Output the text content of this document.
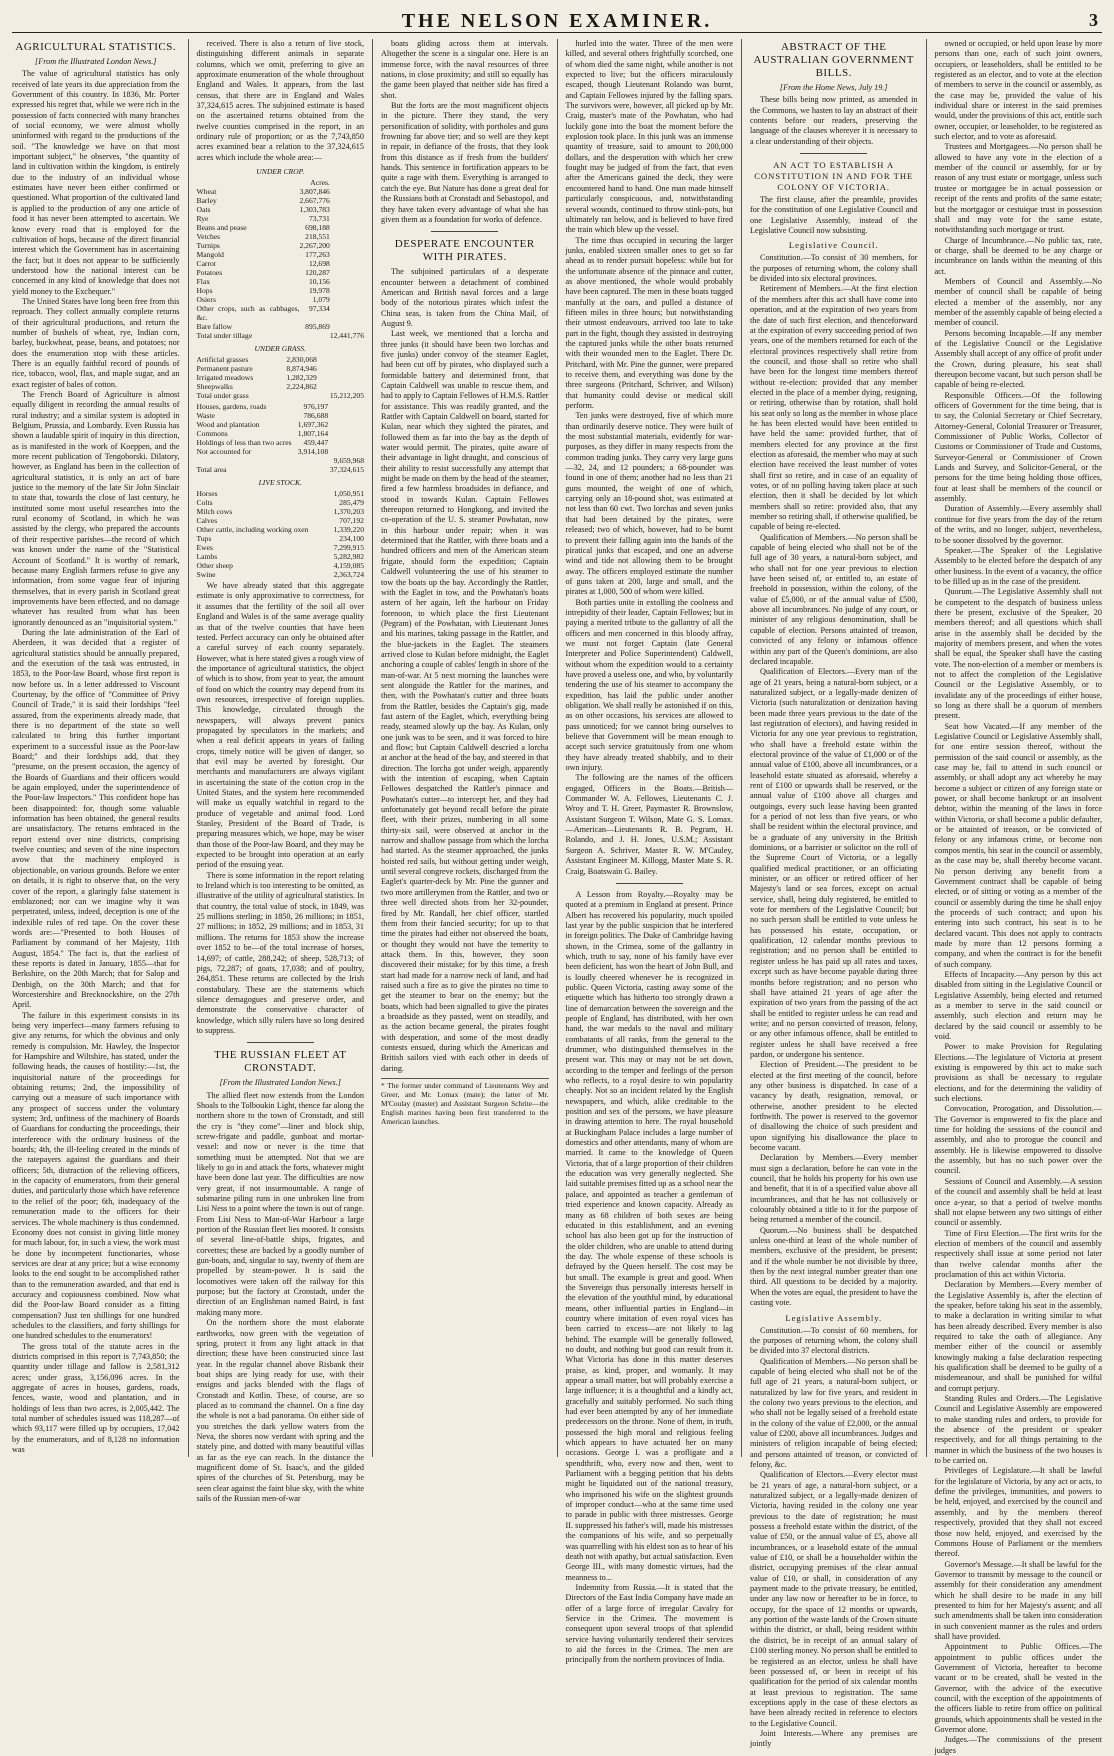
THE NELSON EXAMINER.	3
AGRICULTURAL STATISTICS.
[From the Illustrated London News.]

The value of agricultural statistics has only received of late years its due appreciation from the Government of this country. In 1836, Mr. Porter expressed his regret that, while we were rich in the possession of facts connected with many branches of social economy, we were almost wholly uninformed with regard to the productions of the soil. "The knowledge we have on that most important subject," he observes, "the quantity of land in cultivation within the kingdom, is entirely due to the industry of an individual whose estimates have never been either confirmed or questioned. What proportion of the cultivated land is applied to the production of any one article of food it has never been attempted to ascertain. We know every road that is employed for the cultivation of hops, because of the direct financial interest which the Government has in ascertaining the fact; but it does not appear to be sufficiently understood how the national interest can be concerned in any kind of knowledge that does not yield money to the Exchequer."

The United States have long been free from this reproach. They collect annually complete returns of their agricultural productions, and return the number of bushels of wheat, rye, Indian corn, barley, buckwheat, pease, beans, and potatoes; nor does the enumeration stop with these articles. There is an equally faithful record of pounds of rice, tobacco, wool, flax, and maple sugar, and an exact register of bales of cotton.

The French Board of Agriculture is almost equally diligent in recording the annual results of rural industry; and a similar system is adopted in Belgium, Prussia, and Lombardy. Even Russia has shown a laudable spirit of inquiry in this direction, as is manifested in the work of Koeppen, and the more recent publication of Tengoborski. Dilatory, however, as England has been in the collection of agricultural statistics, it is only an act of bare justice to the memory of the late Sir John Sinclair to state that, towards the close of last century, he instituted some most useful researches into the rural economy of Scotland, in which he was assisted by the clergy, who prepared the accounts of their respective parishes—the record of which was known under the name of the "Statistical Account of Scotland." It is worthy of remark, because many English farmers refuse to give any information, from some vague fear of injuring themselves, that in every parish in Scotland great improvements have been effected, and no damage whatever has resulted from what has been ignorantly denounced as an "inquisitorial system."

During the late administration of the Earl of Aberdeen, it was decided that a register of agricultural statistics should be annually prepared, and the execution of the task was entrusted, in 1853, to the Poor-law Board, whose first report is now before us. In a letter addressed to Viscount Courtenay, by the office of "Committee of Privy Council of Trade," it is said their lordships "feel assured, from the experiments already made, that there is no department of the state so well calculated to bring this further important experiment to a successful issue as the Poor-law Board;" and their lordships add, that they "presume, on the present occasion, the agency of the Boards of Guardians and their officers would be again employed, under the superintendence of the Poor-law Inspectors." This confident hope has been disappointed: for, though some valuable information has been obtained, the general results are unsatisfactory. The returns embraced in the report extend over nine districts, comprising twelve counties; and seven of the nine inspectors avow that the machinery employed is objectionable, on various grounds. Before we enter on details, it is right to observe that, on the very cover of the report, a glaringly false statement is emblazoned; nor can we imagine why it was perpetrated, unless, indeed, deception is one of the indexible rules of red tape. On the cover these words are:—"Presented to both Houses of Parliament by command of her Majesty, 11th August, 1854." The fact is, that the earliest of these reports is dated in January, 1855—that for Berkshire, on the 20th March; that for Salop and Denbigh, on the 30th March; and that for Worcestershire and Brecknockshire, on the 27th April.

The failure in this experiment consists in its being very imperfect—many farmers refusing to give any returns, for which the obvious and only remedy is compulsion. Mr. Hawley, the Inspector for Hampshire and Wiltshire, has stated, under the following heads, the causes of hostility:—1st, the inquisitorial nature of the proceedings for obtaining returns; 2nd, the impossibility of carrying out a measure of such importance with any prospect of success under the voluntary system; 3rd, unfitness of the machinery of Boards of Guardians for conducting the proceedings, their interference with the ordinary business of the boards; 4th, the ill-feeling created in the minds of the ratepayers against the guardians and their officers; 5th, distraction of the relieving officers, in the capacity of enumerators, from their general duties, and particularly those which have reference to the relief of the poor; 6th, inadequacy of the remuneration made to the officers for their services. The whole machinery is thus condemned. Economy does not consist in giving little money for much labour, for, in such a view, the work must be done by incompetent functionaries, whose services are dear at any price; but a wise economy looks to the end sought to be accomplished rather than to the remuneration awarded, and that end is accuracy and copiousness combined. Now what did the Poor-law Board consider as a fitting compensation? Just ten shillings for one hundred schedules to the classifiers, and forty shillings for one hundred schedules to the enumerators!

The gross total of the statute acres in the districts comprised in this report is 7,743,850; the quantity under tillage and fallow is 2,581,312 acres; under grass, 3,156,096 acres. In the aggregate of acres in houses, gardens, roads, fences, waste, wood and plantation, and in holdings of less than two acres, is 2,005,442. The total number of schedules issued was 118,287—of which 93,117 were filled up by occupiers, 17,042 by the enumerators, and of 8,128 no information was

received. There is also a return of live stock, distinguishing different animals in separate columns, which we omit, preferring to give an approximate enumeration of the whole throughout England and Wales. It appears, from the last census, that there are in England and Wales 37,324,615 acres. The subjoined estimate is based on the ascertained returns obtained from the twelve counties comprised in the report, in an ordinary rule of proportion; or as the 7,743,850 acres examined bear a relation to the 37,324,615 acres which include the whole area:—

UNDER CROP.		
	Acres.	
Wheat	3,807,846	
Barley	2,667,776	
Oats	1,303,783	
Rye	73,731	
Beans and pease	698,188	
Vetches	218,551	
Turnips	2,267,200	
Mangold	177,263	
Carrot	12,698	
Potatoes	120,287	
Flax	10,156	
Hops	19,978	
Osiers	1,079	
Other crops, such as cabbages, &c.	97,334	
Bare fallow	895,869	
Total under tillage		12,441,776
UNDER GRASS.		
Artificial grasses	2,830,068	
Permanent pasture	8,874,946	
Irrigated meadows	1,282,329	
Sheepwalks	2,224,862	
Total under grass		15,212,205
Houses, gardens, roads	976,197	
Waste	786,688	
Wood and plantation	1,697,362	
Commons	1,807,164	
Holdings of less than two acres	459,447	
Not accounted for	3,914,108	
		9,659,968
Total area		37,324,615
LIVE STOCK.		
Horses	1,050,951	
Colts	285,479	
Milch cows	1,370,203	
Calves	707,192	
Other cattle, including working oxen	1,339,220	
Tups	234,100	
Ewes	7,299,915	
Lambs	5,282,982	
Other sheep	4,159,085	
Swine	2,363,724	

We have already stated that this aggregate estimate is only approximative to correctness, for it assumes that the fertility of the soil all over England and Wales is of the same average quality as that of the twelve counties that have been tested. Perfect accuracy can only be obtained after a careful survey of each county separately. However, what is here stated gives a rough view of the importance of agricultural statistics, the object of which is to show, from year to year, the amount of food on which the country may depend from its own resources, irrespective of foreign supplies. This knowledge, circulated through the newspapers, will always prevent panics propagated by speculators in the markets; and when a real deficit appears in years of failing crops, timely notice will be given of danger, so that evil may be averted by foresight. Our merchants and manufacturers are always vigilant in ascertaining the state of the cotton crop in the United States, and the system here recommended will make us equally watchful in regard to the produce of vegetable and animal food. Lord Stanley, President of the Board of Trade, is preparing measures which, we hope, may be wiser than those of the Poor-law Board, and they may be expected to be brought into operation at an early period of the ensuing year.

There is some information in the report relating to Ireland which is too interesting to be omitted, as illustrative of the utility of agricultural statistics. In that country, the total value of stock, in 1849, was 25 millions sterling; in 1850, 26 millions; in 1851, 27 millions; in 1852, 29 millions; and in 1853, 31 millions. The returns for 1853 show the increase over 1852 to be—of the total increase of horses, 14,697; of cattle, 288,242; of sheep, 528,713; of pigs, 72,287; of goats, 17,038; and of poultry, 264,851. These returns are collected by the Irish constabulary. These are the statements which silence demagogues and preserve order, and demonstrate the conservative character of knowledge, which silly rulers have so long desired to suppress.

THE RUSSIAN FLEET AT CRONSTADT.
[From the Illustrated London News.]

The allied fleet now extends from the London Shoals to the Tolboukin Light, thence far along the northern shore to the town of Cronstadt, and still the cry is "they come"—liner and block ship, screw-frigate and paddle, gunboat and mortar-vessel: and now or never is the time that something must be attempted. Not that we are likely to go in and attack the forts, whatever might have been done last year. The difficulties are now very great, if not insurmountable. A range of submarine piling runs in one unbroken line from Lisi Ness to a point where the town is out of range. From Lisi Ness to Man-of-War Harbour a large portion of the Russian fleet lies moored. It consists of several line-of-battle ships, frigates, and corvettes; these are backed by a goodly number of gun-boats, and, singular to say, twenty of them are propelled by steam-power. It is said the locomotives were taken off the railway for this purpose; but the factory at Cronstadt, under the direction of an Englishman named Baird, is fast making many more.

On the northern shore the most elaborate earthworks, now green with the vegetation of spring, protect it from any light attack in that direction; these have been constructed since last year. In the regular channel above Risbank their boat ships are lying ready for use, with their ensigns and jacks blended with the flags of Cronstadt and Kotlin. These, of course, are so placed as to command the channel. On a fine day the whole is not a bad panorama. On either side of you stretches the dark yellow waters from the Neva, the shores now verdant with spring and the stately pine, and dotted with many beautiful villas as far as the eye can reach. In the distance the magnificent dome of St. Isaac's, and the gilded spires of the churches of St. Petersburg, may be seen clear against the faint blue sky, with the white sails of the Russian men-of-war

boats gliding across them at intervals. Altogether the scene is a singular one. Here is an immense force, with the naval resources of three nations, in close proximity; and still so equally has the game been played that neither side has fired a shot.

But the forts are the most magnificent objects in the picture. There they stand, the very personification of solidity, with portholes and guns frowning far above tier; and so well are they kept in repair, in defiance of the frosts, that they look from this distance as if fresh from the builders' hands. This sentence in fortification appears to be quite a rage with them. Everything is arranged to catch the eye. But Nature has done a great deal for the Russians both at Cronstadt and Sebastopol, and they have taken every advantage of what she has given them as a foundation for works of defence.

DESPERATE ENCOUNTER WITH PIRATES.

The subjoined particulars of a desperate encounter between a detachment of combined American and British naval forces and a large body of the notorious pirates which infest the China seas, is taken from the China Mail, of August 9.

Last week, we mentioned that a lorcha and three junks (it should have been two lorchas and five junks) under convoy of the steamer Eaglet, had been cut off by pirates, who displayed such a formidable battery and determined front, that Captain Caldwell was unable to rescue them, and had to apply to Captain Fellowes of H.M.S. Rattler for assistance. This was readily granted, and the Rattler with Captain Caldwell on board, started for Kulan, near which they sighted the pirates, and followed them as far into the bay as the depth of water would permit. The pirates, quite aware of their advantage in light draught, and conscious of their ability to resist successfully any attempt that might be made on them by the head of the steamer, fired a few harmless broadsides in defiance, and stood in towards Kulan. Captain Fellowes thereupon returned to Hongkong, and invited the co-operation of the U. S. steamer Powhatan, now in this harbour under repair; when it was determined that the Rattler, with three boats and a hundred officers and men of the American steam frigate, should form the expedition; Captain Caldwell volunteering the use of his steamer to tow the boats up the bay. Accordingly the Rattler, with the Eaglet in tow, and the Powhatan's boats astern of her again, left the harbour on Friday forenoon, to which place the first Lieutenant (Pegram) of the Powhatan, with Lieutenant Jones and his marines, taking passage in the Rattler, and the blue-jackets in the Eaglet. The steamers arrived close to Kulan before midnight, the Eaglet anchoring a couple of cables' length in shore of the man-of-war. At 5 next morning the launches were sent alongside the Rattler for the marines, and then, with the Powhatan's cutter and three boats from the Rattler, besides the Captain's gig, made fast astern of the Eaglet, which, everything being ready, steamed slowly up the bay. As Kulan, only one junk was to be seen, and it was forced to hire and flow; but Captain Caldwell descried a lorcha at anchor at the head of the bay, and steered in that direction. The lorcha got under weigh, apparently with the intention of escaping, when Captain Fellowes despatched the Rattler's pinnace and Powhatan's cutter—to intercept her, and they had unfortunately got beyond recall before the pirate fleet, with their prizes, numbering in all some thirty-six sail, were observed at anchor in the narrow and shallow passage from which the lorcha had started. As the steamer approached, the junks hoisted red sails, but without getting under weigh, until several congreve rockets, discharged from the Eaglet's quarter-deck by Mr. Pine the gunner and two more artillerymen from the Rattler, and two or three well directed shots from her 32-pounder, fired by Mr. Randall, her chief officer, startled them from their fancied security; for up to that time the pirates had either not observed the boats, or thought they would not have the temerity to attack them. In this, however, they soon discovered their mistake; for by this time, a fresh start had made for a narrow neck of land, and had raised such a fire as to give the pirates no time to get the steamer to bear on the enemy; but the boats, which had been signalled to give the pirates a broadside as they passed, went on steadily, and as the action became general, the pirates fought with desperation, and some of the most deadly contests ensued, during which the American and British sailors vied with each other in deeds of daring.

* The former under command of Lieutenants Wey and Greer, and Mr. Lomax (mate); the latter of Mr. M'Coulay (master) and Assistant Surgeon Schrite—the English marines having been first transferred to the American launches.

hurled into the water. Three of the men were killed, and several others frightfully scorched, one of whom died the same night, while another is not expected to live; but the officers miraculously escaped, though Lieutenant Rolando was burnt, and Captain Fellowes injured by the falling spars. The survivors were, however, all picked up by Mr. Craig, master's mate of the Powhatan, who had luckily gone into the boat the moment before the explosion took place. In this junk was an immense quantity of treasure, said to amount to 200,000 dollars, and the desperation with which her crew fought may be judged of from the fact, that even after the Americans gained the deck, they were encountered hand to hand. One man made himself particularly conspicuous, and, notwithstanding several wounds, continued to throw stink-pots, but ultimately ran below, and is believed to have fired the train which blew up the vessel.

The time thus occupied in securing the larger junks, enabled sixteen smaller ones to get so far ahead as to render pursuit hopeless: while but for the unfortunate absence of the pinnace and cutter, as above mentioned, the whole would probably have been captured. The men in these boats tugged manfully at the oars, and pulled a distance of fifteen miles in three hours; but notwithstanding their utmost endeavours, arrived too late to take part in the fight, though they assisted in destroying the captured junks while the other boats returned with their wounded men to the Eaglet. There Dr. Pritchard, with Mr. Pine the gunner, were prepared to receive them, and everything was done by the three surgeons (Pritchard, Schriver, and Wilson) that humanity could devise or medical skill perform.

Ten junks were destroyed, five of which more than ordinarily deserve notice. They were built of the most substantial materials, evidently for war-purposes, as they differ in many respects from the common trading junks. They carry very large guns—32, 24, and 12 pounders; a 68-pounder was found in one of them; another had no less than 21 guns mounted, the weight of one of which, carrying only an 18-pound shot, was estimated at not less than 60 cwt. Two lorchas and seven junks that had been detained by the pirates, were released; two of which, however, had to be burnt to prevent their falling again into the hands of the piratical junks that escaped, and one an adverse wind and tide not allowing them to be brought away. The officers employed estimate the number of guns taken at 200, large and small, and the pirates at 1,000, 500 of whom were killed.

Both parties unite in extolling the coolness and intrepidity of their leader, Captain Fellowes; but in paying a merited tribute to the gallantry of all the officers and men concerned in this bloody affray, we must not forget Captain (late General Interpreter and Police Superintendent) Caldwell, without whom the expedition would to a certainty have proved a useless one, and who, by voluntarily tendering the use of his steamer to accompany the expedition, has laid the public under another obligation. We shall really be astonished if on this, as on other occasions, his services are allowed to pass unnoticed; for we cannot bring ourselves to believe that Government will be mean enough to accept such service gratuitously from one whom they have already treated shabbily, and to their own injury.

The following are the names of the officers engaged, Officers in the Boats.—British—Commander W. A. Fellowes, Lieutenants C. J. Wroy and T. H. Greer, Paymaster R. Brownslow, Assistant Surgeon T. Wilson, Mate G. S. Lomax.—American—Lieutenants R. B. Pegram, H. Rolando, and J. H. Jones, U.S.M.; Assistant Surgeon A. Schriver, Master R. W. M'Cauley, Assistant Engineer M. Killogg, Master Mate S. R. Craig, Boatswain G. Bailey.

A Lesson from Royalty.—Royalty may be quoted at a premium in England at present. Prince Albert has recovered his popularity, much spoiled last year by the public suspicion that he interfered in foreign politics. The Duke of Cambridge having shown, in the Crimea, some of the gallantry in which, truth to say, none of his family have ever been deficient, has won the heart of John Bull, and is loudly cheered whenever he is recognized in public. Queen Victoria, casting away some of the etiquette which has hitherto too strongly drawn a line of demarcation between the sovereign and the people of England, has distributed, with her own hand, the war medals to the naval and military combatants of all ranks, from the general to the drummer, who distinguished themselves in the present war. This may or may not be set down, according to the temper and feelings of the person who reflects, to a royal desire to win popularity cheaply. Not so an incident related by the English newspapers, and which, alike creditable to the position and sex of the persons, we have pleasure in drawing attention to here. The royal household at Buckingham Palace includes a large number of domestics and other attendants, many of whom are married. It came to the knowledge of Queen Victoria, that of a large proportion of their children the education was very generally neglected. She laid suitable premises fitted up as a school near the palace, and appointed as teacher a gentleman of tried experience and known capacity. Already as many as 68 children of both sexes are being educated in this establishment, and an evening school has also been got up for the instruction of the older children, who are unable to attend during the day. The whole expense of these schools is defrayed by the Queen herself. The cost may be but small. The example is great and good. When the Sovereign thus personally interests herself in the elevation of the youthful mind, by educational means, other influential parties in England—in country where imitation of even royal vices has been carried to excess—are not likely to lag behind. The example will be generally followed, no doubt, and nothing but good can result from it. What Victoria has done in this matter deserves praise, as kind, proper, and womanly. It may appear a small matter, but will probably exercise a large influence; it is a thoughtful and a kindly act, gracefully and suitably performed. No such thing had ever been attempted by any of her immediate predecessors on the throne. None of them, in truth, possessed the high moral and religious feeling which appears to have actuated her on many occasions. George I. was a profligate and a spendthrift, who, every now and then, went to Parliament with a begging petition that his debts might be liquidated out of the national treasury, who imprisoned his wife on the slightest grounds of improper conduct—who at the same time used to parade in public with three mistresses. George II. suppressed his father's will, made his mistresses the companions of his wife, and so perpetually was quarrelling with his eldest son as to hear of his death not with apathy, but actual satisfaction. Even George III., with many domestic virtues, had the meanness to...

Indemnity from Russia.—It is stated that the Directors of the East India Company have made an offer of a large force of irregular Cavalry for Service in the Crimea. The movement is consequent upon several troops of that splendid service having voluntarily tendered their services to aid the forces in the Crimea. The men are principally from the northern provinces of India.

ABSTRACT OF THE AUSTRALIAN GOVERNMENT BILLS.
[From the Home News, July 19.]

These bills being now printed, as amended in the Commons, we hasten to lay an abstract of their contents before our readers, preserving the language of the clauses wherever it is necessary to a clear understanding of their objects.

AN ACT TO ESTABLISH A CONSTITUTION IN AND FOR THE COLONY OF VICTORIA.

The first clause, after the preamble, provides for the constitution of one Legislative Council and one Legislative Assembly, instead of the Legislative Council now subsisting.

Legislative Council.

Constitution.—To consist of 30 members, for the purposes of returning whom, the colony shall be divided into six electoral provinces.

Retirement of Members.—At the first election of the members after this act shall have come into operation, and at the expiration of two years from the date of such first election, and thenceforward at the expiration of every succeeding period of two years, one of the members returned for each of the electoral provinces respectively shall retire from the council, and those shall so retire who shall have been for the longest time members thereof without re-election: provided that any member elected in the place of a member dying, resigning, or retiring, otherwise than by rotation, shall hold his seat only so long as the member in whose place he has been elected would have been entitled to have held the same: provided further, that of members elected for any province at the first election as aforesaid, the member who may at such election have received the least number of votes shall first so retire, and in case of an equality of votes, or of no polling having taken place at such election, then it shall be decided by lot which members shall so retire: provided also, that any member so retiring shall, if otherwise qualified, be capable of being re-elected.

Qualification of Members.—No person shall be capable of being elected who shall not be of the full age of 30 years, a natural-born subject, and who shall not for one year previous to election have been seised of, or entitled to, an estate of freehold in possession, within the colony, of the value of £5,000, or of the annual value of £500, above all incumbrances. No judge of any court, or minister of any religious denomination, shall be capable of election. Persons attainted of treason, convicted of any felony or infamous offence within any part of the Queen's dominions, are also declared incapable.

Qualification of Electors.—Every man of the age of 21 years, being a natural-born subject, or a naturalized subject, or a legally-made denizen of Victoria (such naturalization or denization having been made three years previous to the date of the last registration of electors), and having resided in Victoria for any one year previous to registration, who shall have a freehold estate within the electoral province of the value of £1,000 or of the annual value of £100, above all incumbrances, or a leasehold estate situated as aforesaid, whereby a rent of £100 or upwards shall be reserved, or the annual value of £100 above all charges and outgoings, every such lease having been granted for a period of not less than five years, or who shall be resident within the electoral province, and be a graduate of any university in the British dominions, or a barrister or solicitor on the roll of the Supreme Court of Victoria, or a legally qualified medical practitioner, or an officiating minister, or an officer or retired officer of her Majesty's land or sea forces, except on actual service, shall, being duly registered, be entitled to vote for members of the Legislative Council; but no such person shall be entitled to vote unless he has possessed his estate, occupation, or qualification, 12 calendar months previous to registration; and no person shall be entitled to register unless he has paid up all rates and taxes, except such as have become payable during three months before registration; and no person who shall have attained 21 years of age after the expiration of two years from the passing of the act shall be entitled to register unless he can read and write; and no person convicted of treason, felony, or any other infamous offence, shall be entitled to register unless he shall have received a free pardon, or undergone his sentence.

Election of President.—The president to be elected at the first meeting of the council, before any other business is dispatched. In case of a vacancy by death, resignation, removal, or otherwise, another president to be elected forthwith. The power is reserved to the governor of disallowing the choice of such president and upon signifying his disallowance the place to become vacant.

Declaration by Members.—Every member must sign a declaration, before he can vote in the council, that he holds his property for his own use and benefit, that it is of a specified value above all incumbrances, and that he has not collusively or colourably obtained a title to it for the purpose of being returned a member of the council.

Quorum.—No business shall be despatched unless one-third at least of the whole number of members, exclusive of the president, be present; and if the whole number be not divisible by three, then by the next integral number greater than one third. All questions to be decided by a majority. When the votes are equal, the president to have the casting vote.

Legislative Assembly.

Constitution.—To consist of 60 members, for the purposes of returning whom, the colony shall be divided into 37 electoral districts.

Qualification of Members.—No person shall be capable of being elected who shall not be of the full age of 21 years, a natural-born subject, or naturalized by law for five years, and resident in the colony two years previous to the election, and who shall not be legally seised of a freehold estate in the colony of the value of £2,000, or the annual value of £200, above all incumbrances. Judges and ministers of religion incapable of being elected; and persons attainted of treason, or convicted of felony, &c.

Qualification of Electors.—Every elector must be 21 years of age, a natural-born subject, or a naturalized subject, or a legally-made denizen of Victoria, having resided in the colony one year previous to the date of registration; he must possess a freehold estate within the district, of the value of £50, or the annual value of £5, above all incumbrances, or a leasehold estate of the annual value of £10, or shall be a householder within the district, occupying premises of the clear annual value of £10, or shall, in consideration of any payment made to the private treasury, be entitled, under any law now or hereafter to be in force, to occupy, for the space of 12 months or upwards, any portion of the waste lands of the Crown situate within the district, or shall, being resident within the district, be in receipt of an annual salary of £100 sterling money. No person shall be entitled to be registered as an elector, unless he shall have been possessed of, or been in receipt of his qualification for the period of six calendar months at least previous to registration. The same exceptions apply in the case of these electors as have been already recited in reference to electors to the Legislative Council.

Joint Interests.—Where any premises are jointly

owned or occupied, or held upon lease by more persons than one, each of such joint owners, occupiers, or leaseholders, shall be entitled to be registered as an elector, and to vote at the election of members to serve in the council or assembly, as the case may be, provided the value of his individual share or interest in the said premises would, under the provisions of this act, entitle such owner, occupier, or leaseholder, to be registered as such elector, and to vote as aforesaid.

Trustees and Mortgagees.—No person shall be allowed to have any vote in the election of a member of the council or assembly, for or by reason of any trust estate or mortgage, unless such trustee or mortgagee be in actual possession or receipt of the rents and profits of the same estate; but the mortgagor or cestuique trust in possession shall and may vote for the same estate, notwithstanding such mortgage or trust.

Charge of Incumbrance.—No public tax, rate, or charge, shall be deemed to be any charge or incumbrance on lands within the meaning of this act.

Members of Council and Assembly.—No member of council shall be capable of being elected a member of the assembly, nor any member of the assembly capable of being elected a member of council.

Persons becoming Incapable.—If any member of the Legislative Council or the Legislative Assembly shall accept of any office of profit under the Crown, during pleasure, his seat shall thereupon become vacant, but such person shall be capable of being re-elected.

Responsible Officers.—Of the following officers of Government for the time being, that is to say, the Colonial Secretary or Chief Secretary, Attorney-General, Colonial Treasurer or Treasurer, Commissioner of Public Works, Collector of Customs or Commissioner of Trade and Customs, Surveyor-General or Commissioner of Crown Lands and Survey, and Solicitor-General, or the persons for the time being holding those offices, four at least shall be members of the council or assembly.

Duration of Assembly.—Every assembly shall continue for five years from the day of the return of the writs, and no longer, subject, nevertheless, to be sooner dissolved by the governor.

Speaker.—The Speaker of the Legislative Assembly to be elected before the despatch of any other business. In the event of a vacancy, the office to be filled up as in the case of the president.

Quorum.—The Legislative Assembly shall not be competent to the despatch of business unless there be present, exclusive of the Speaker, 20 members thereof; and all questions which shall arise in the assembly shall be decided by the majority of members present, and when the votes shall be equal, the Speaker shall have the casting vote. The non-election of a member or members is not to affect the completion of the Legislative Council or the Legislative Assembly, or to invalidate any of the proceedings of either house, so long as there shall be a quorum of members present.

Seat how Vacated.—If any member of the Legislative Council or Legislative Assembly shall, for one entire session thereof, without the permission of the said council or assembly, as the case may be, fail to attend in such council or assembly, or shall adopt any act whereby he may become a subject or citizen of any foreign state or power, or shall become bankrupt or an insolvent debtor, within the meaning of the laws in force within Victoria, or shall become a public defaulter, or be attainted of treason, or be convicted of felony or any infamous crime, or become non compos mentis, his seat in the council or assembly, as the case may be, shall thereby become vacant. No person deriving any benefit from a Government contract shall be capable of being elected, or of sitting or voting as a member of the council or assembly during the time he shall enjoy the proceeds of such contract; and upon his entering into such contract, his seat is to be declared vacant. This does not apply to contracts made by more than 12 persons forming a company, and when the contract is for the benefit of such company.

Effects of Incapacity.—Any person by this act disabled from sitting in the Legislative Council or Legislative Assembly, being elected and returned as a member to serve in the said council or assembly, such election and return may be declared by the said council or assembly to be void.

Power to make Provision for Regulating Elections.—The legislature of Victoria at present existing is empowered by this act to make such provisions as shall be necessary to regulate elections, and for the determining the validity of such elections.

Convocation, Prorogation, and Dissolution.—The Governor is empowered to fix the place and time for holding the sessions of the council and assembly, and also to prorogue the council and assembly. He is likewise empowered to dissolve the assembly, but has no such power over the council.

Sessions of Council and Assembly.—A session of the council and assembly shall be held at least once a-year, so that a period of twelve months shall not elapse between any two sittings of either council or assembly.

Time of First Election.—The first writs for the election of members of the council and assembly respectively shall issue at some period not later than twelve calendar months after the proclamation of this act within Victoria.

Declaration by Members.—Every member of the Legislative Assembly is, after the election of the speaker, before taking his seat in the assembly, to make a declaration in writing similar to what has been already described. Every member is also required to take the oath of allegiance. Any member either of the council or assembly knowingly making a false declaration respecting his qualification shall be deemed to be guilty of a misdemeanour, and shall be punished for wilful and corrupt perjury.

Standing Rules and Orders.—The Legislative Council and Legislative Assembly are empowered to make standing rules and orders, to provide for the absence of the president or speaker respectively, and for all things pertaining to the manner in which the business of the two houses is to be carried on.

Privileges of Legislature.—It shall be lawful for the legislature of Victoria, by any act or acts, to define the privileges, immunities, and powers to be held, enjoyed, and exercised by the council and assembly, and by the members thereof respectively, provided that they shall not exceed those now held, enjoyed, and exercised by the Commons House of Parliament or the members thereof.

Governor's Message.—It shall be lawful for the Governor to transmit by message to the council or assembly for their consideration any amendment which he shall desire to be made in any bill presented to him for her Majesty's assent; and all such amendments shall be taken into consideration in such convenient manner as the rules and orders shall have provided.

Appointment to Public Offices.—The appointment to public offices under the Government of Victoria, hereafter to become vacant or to be created, shall be vested in the Governor, with the advice of the executive council, with the exception of the appointments of the officers liable to retire from office on political grounds, which appointments shall be vested in the Governor alone.

Judges.—The commissions of the present judges
